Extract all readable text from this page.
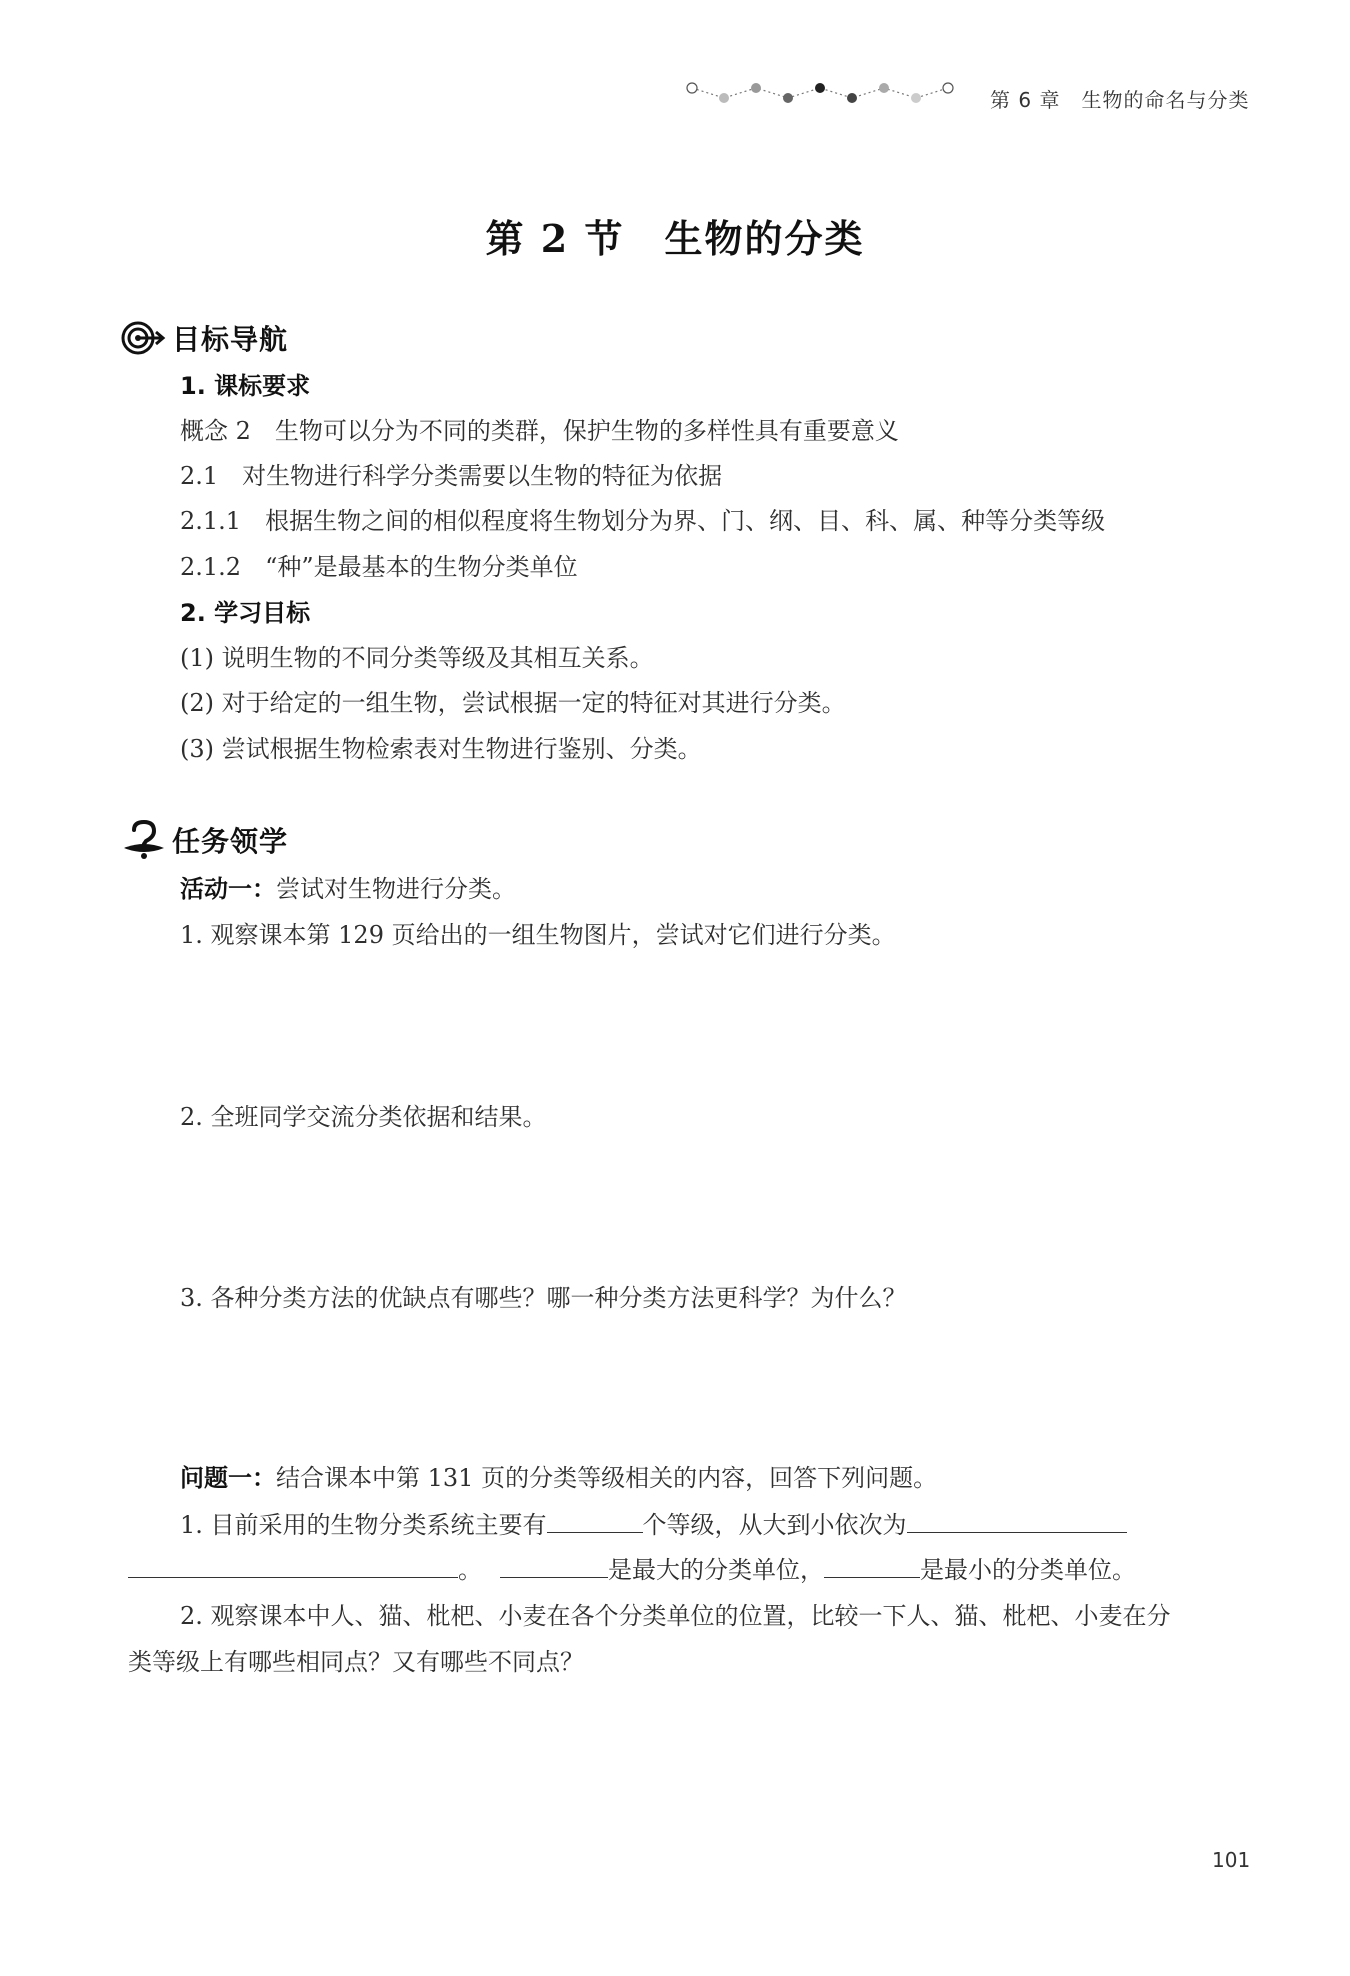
第 6 章　生物的命名与分类
第 2 节　生物的分类
目标导航
1. 课标要求
概念 2　生物可以分为不同的类群，保护生物的多样性具有重要意义
2.1　对生物进行科学分类需要以生物的特征为依据
2.1.1　根据生物之间的相似程度将生物划分为界、门、纲、目、科、属、种等分类等级
2.1.2　“种”是最基本的生物分类单位
2. 学习目标
(1) 说明生物的不同分类等级及其相互关系。
(2) 对于给定的一组生物，尝试根据一定的特征对其进行分类。
(3) 尝试根据生物检索表对生物进行鉴别、分类。
任务领学
活动一：尝试对生物进行分类。
1. 观察课本第 129 页给出的一组生物图片，尝试对它们进行分类。
2. 全班同学交流分类依据和结果。
3. 各种分类方法的优缺点有哪些？哪一种分类方法更科学？为什么？
问题一：结合课本中第 131 页的分类等级相关的内容，回答下列问题。
1. 目前采用的生物分类系统主要有	个等级，从大到小依次为
。	是最大的分类单位，	是最小的分类单位。
2. 观察课本中人、猫、枇杷、小麦在各个分类单位的位置，比较一下人、猫、枇杷、小麦在分
类等级上有哪些相同点？又有哪些不同点？
101
